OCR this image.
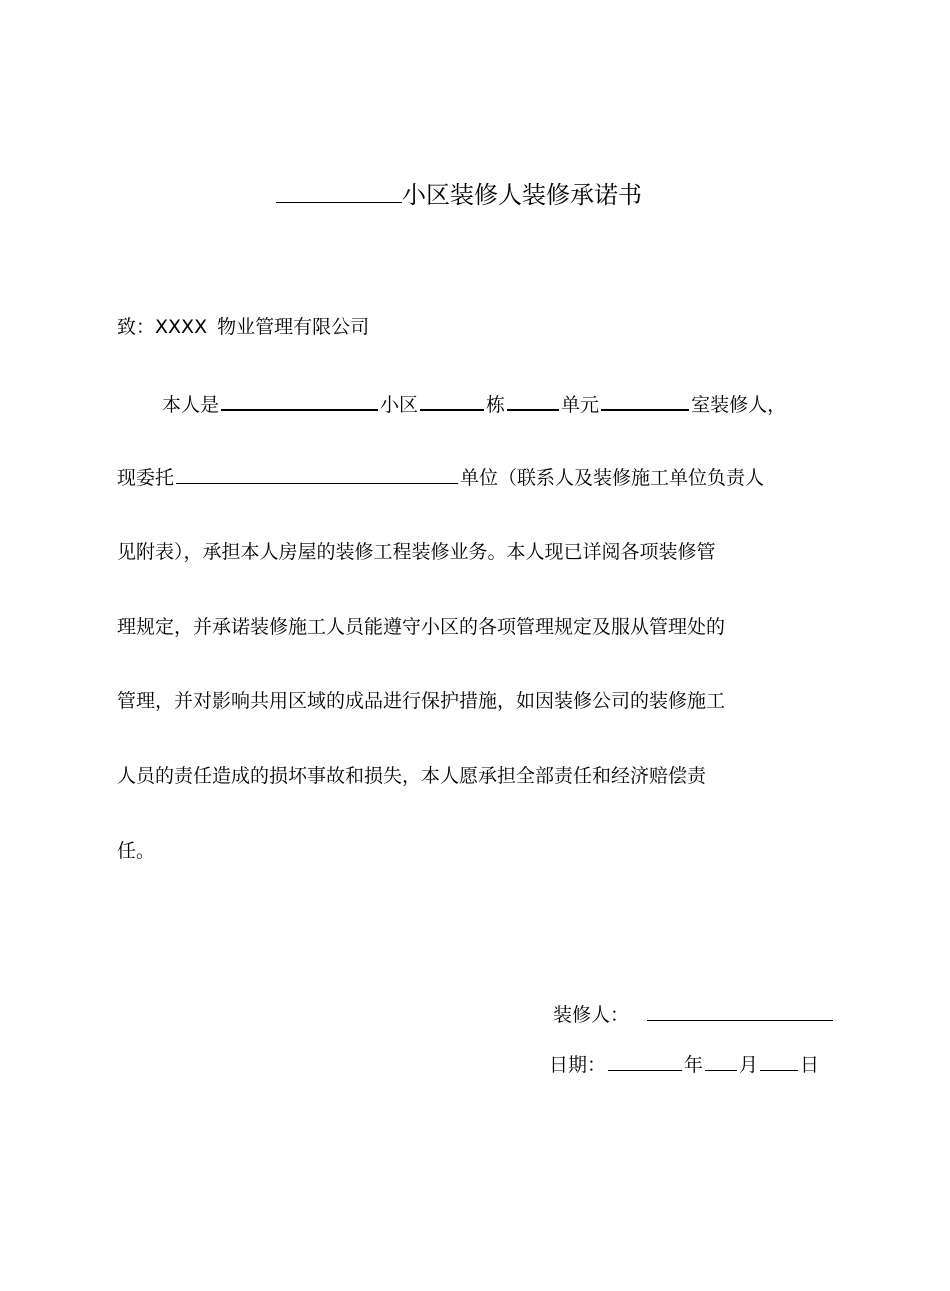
小区装修人装修承诺书
致：XXXX 物业管理有限公司
本人是	小区	栋	单元	室装修人，
现委托	单位（联系人及装修施工单位负责人
见附表），承担本人房屋的装修工程装修业务。本人现已详阅各项装修管
理规定，并承诺装修施工人员能遵守小区的各项管理规定及服从管理处的
管理，并对影响共用区域的成品进行保护措施，如因装修公司的装修施工
人员的责任造成的损坏事故和损失，本人愿承担全部责任和经济赔偿责
任。
装修人：
日期：	年 月 日
